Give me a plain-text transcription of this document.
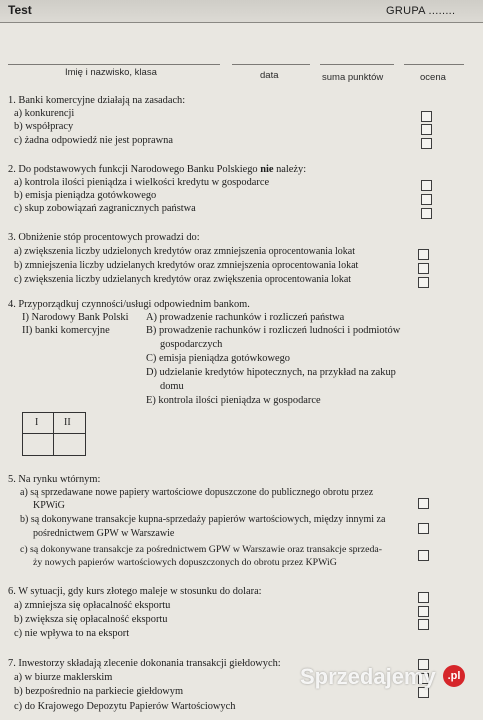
Test	GRUPA ........
Imię i nazwisko, klasa	data	suma punktów	ocena
1. Banki komercyjne działają na zasadach:
a) konkurencji
b) współpracy
c) żadna odpowiedź nie jest poprawna
2. Do podstawowych funkcji Narodowego Banku Polskiego nie należy:
a) kontrola ilości pieniądza i wielkości kredytu w gospodarce
b) emisja pieniądza gotówkowego
c) skup zobowiązań zagranicznych państwa
3. Obniżenie stóp procentowych prowadzi do:
a) zwiększenia liczby udzielonych kredytów oraz zmniejszenia oprocentowania lokat
b) zmniejszenia liczby udzielanych kredytów oraz zmniejszenia oprocentowania lokat
c) zwiększenia liczby udzielanych kredytów oraz zwiększenia oprocentowania lokat
4. Przyporządkuj czynności/usługi odpowiednim bankom.
I) Narodowy Bank Polski
II) banki komercyjne
A) prowadzenie rachunków i rozliczeń państwa
B) prowadzenie rachunków i rozliczeń ludności i podmiotów
gospodarczych
C) emisja pieniądza gotówkowego
D) udzielanie kredytów hipotecznych, na przykład na zakup
domu
E) kontrola ilości pieniądza w gospodarce
I	II
5. Na rynku wtórnym:
a) są sprzedawane nowe papiery wartościowe dopuszczone do publicznego obrotu przez
KPWiG
b) są dokonywane transakcje kupna-sprzedaży papierów wartościowych, między innymi za
pośrednictwem GPW w Warszawie
c) są dokonywane transakcje za pośrednictwem GPW w Warszawie oraz transakcje sprzeda-
ży nowych papierów wartościowych dopuszczonych do obrotu przez KPWiG
6. W sytuacji, gdy kurs złotego maleje w stosunku do dolara:
a) zmniejsza się opłacalność eksportu
b) zwiększa się opłacalność eksportu
c) nie wpływa to na eksport
7. Inwestorzy składają zlecenie dokonania transakcji giełdowych:
a) w biurze maklerskim
b) bezpośrednio na parkiecie giełdowym
c) do Krajowego Depozytu Papierów Wartościowych
Sprzedajemy	.pl
